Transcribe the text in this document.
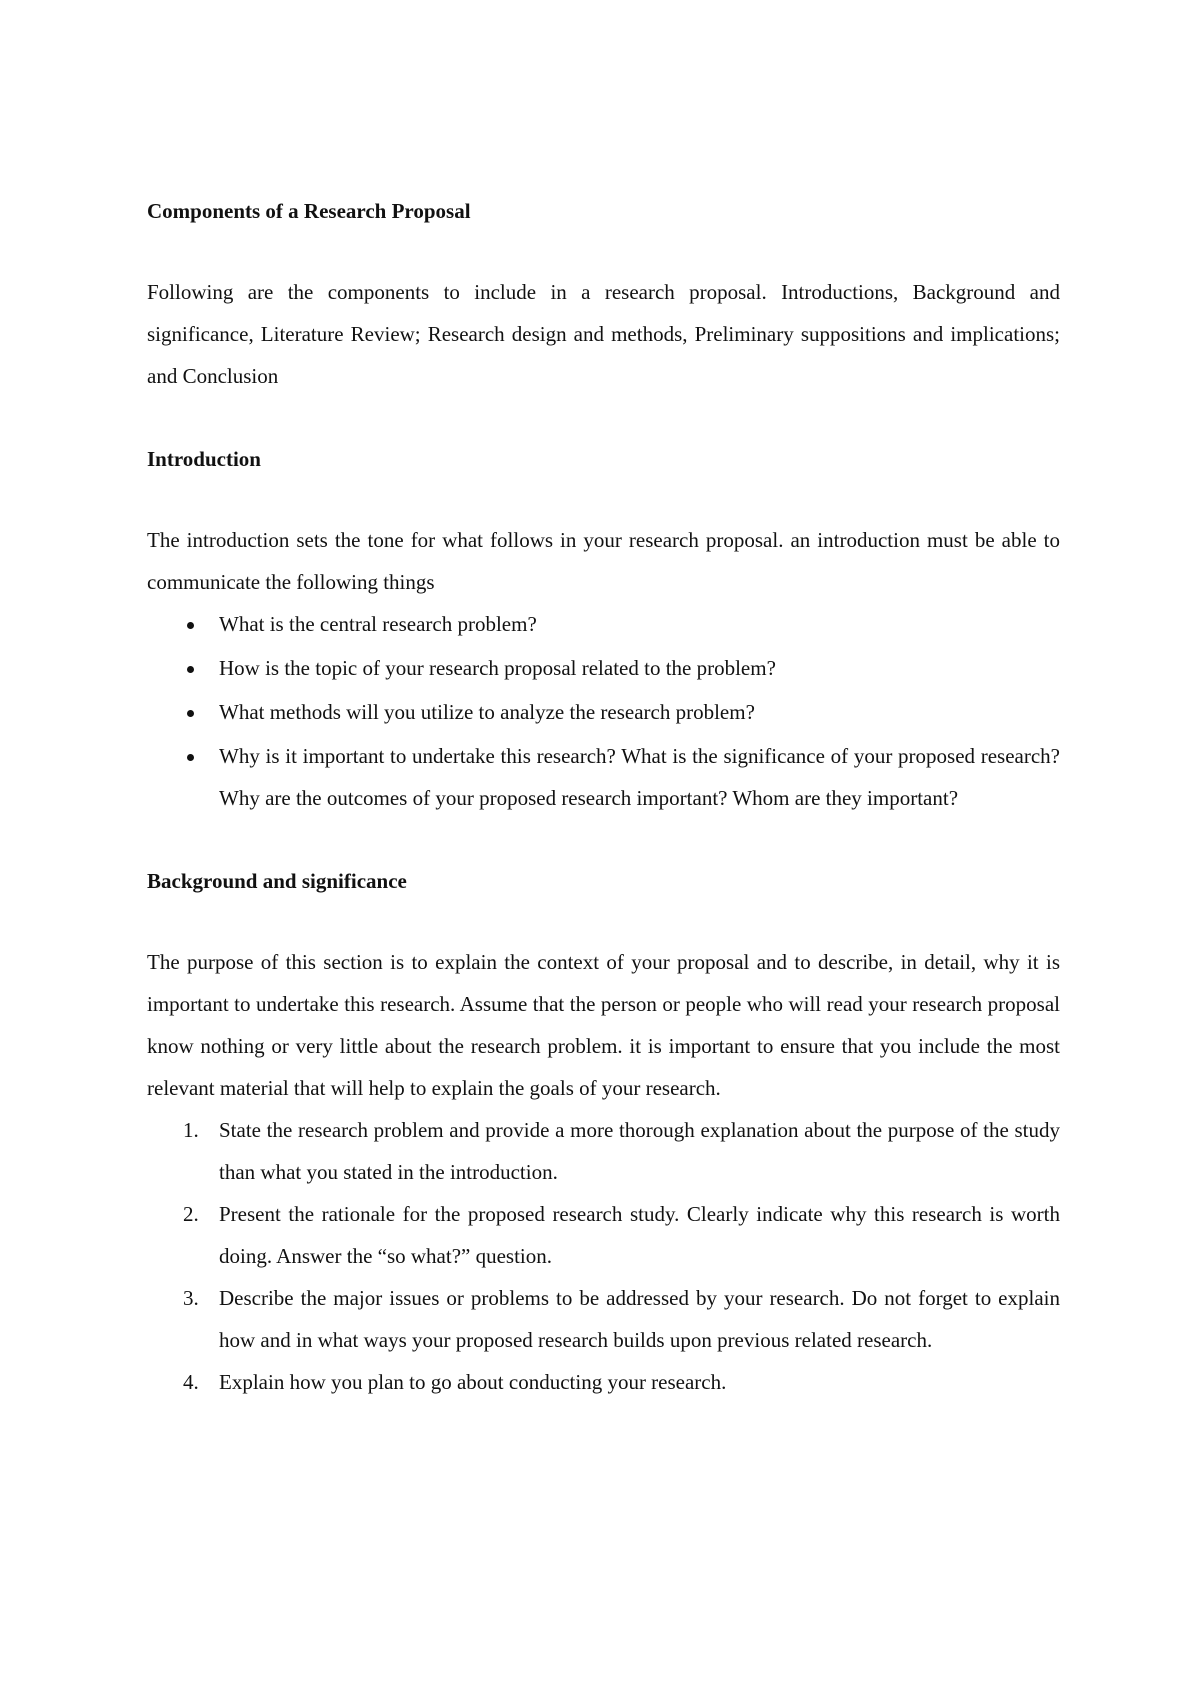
Components of a Research Proposal

Following are the components to include in a research proposal. Introductions, Background and significance, Literature Review; Research design and methods, Preliminary suppositions and implications; and Conclusion

Introduction

The introduction sets the tone for what follows in your research proposal. an introduction must be able to communicate the following things

What is the central research problem?
How is the topic of your research proposal related to the problem?
What methods will you utilize to analyze the research problem?
Why is it important to undertake this research? What is the significance of your proposed research? Why are the outcomes of your proposed research important? Whom are they important?
Background and significance

The purpose of this section is to explain the context of your proposal and to describe, in detail, why it is important to undertake this research. Assume that the person or people who will read your research proposal know nothing or very little about the research problem. it is important to ensure that you include the most relevant material that will help to explain the goals of your research.

1. State the research problem and provide a more thorough explanation about the purpose of the study than what you stated in the introduction.
2. Present the rationale for the proposed research study. Clearly indicate why this research is worth doing. Answer the “so what?” question.
3. Describe the major issues or problems to be addressed by your research. Do not forget to explain how and in what ways your proposed research builds upon previous related research.
4. Explain how you plan to go about conducting your research.
